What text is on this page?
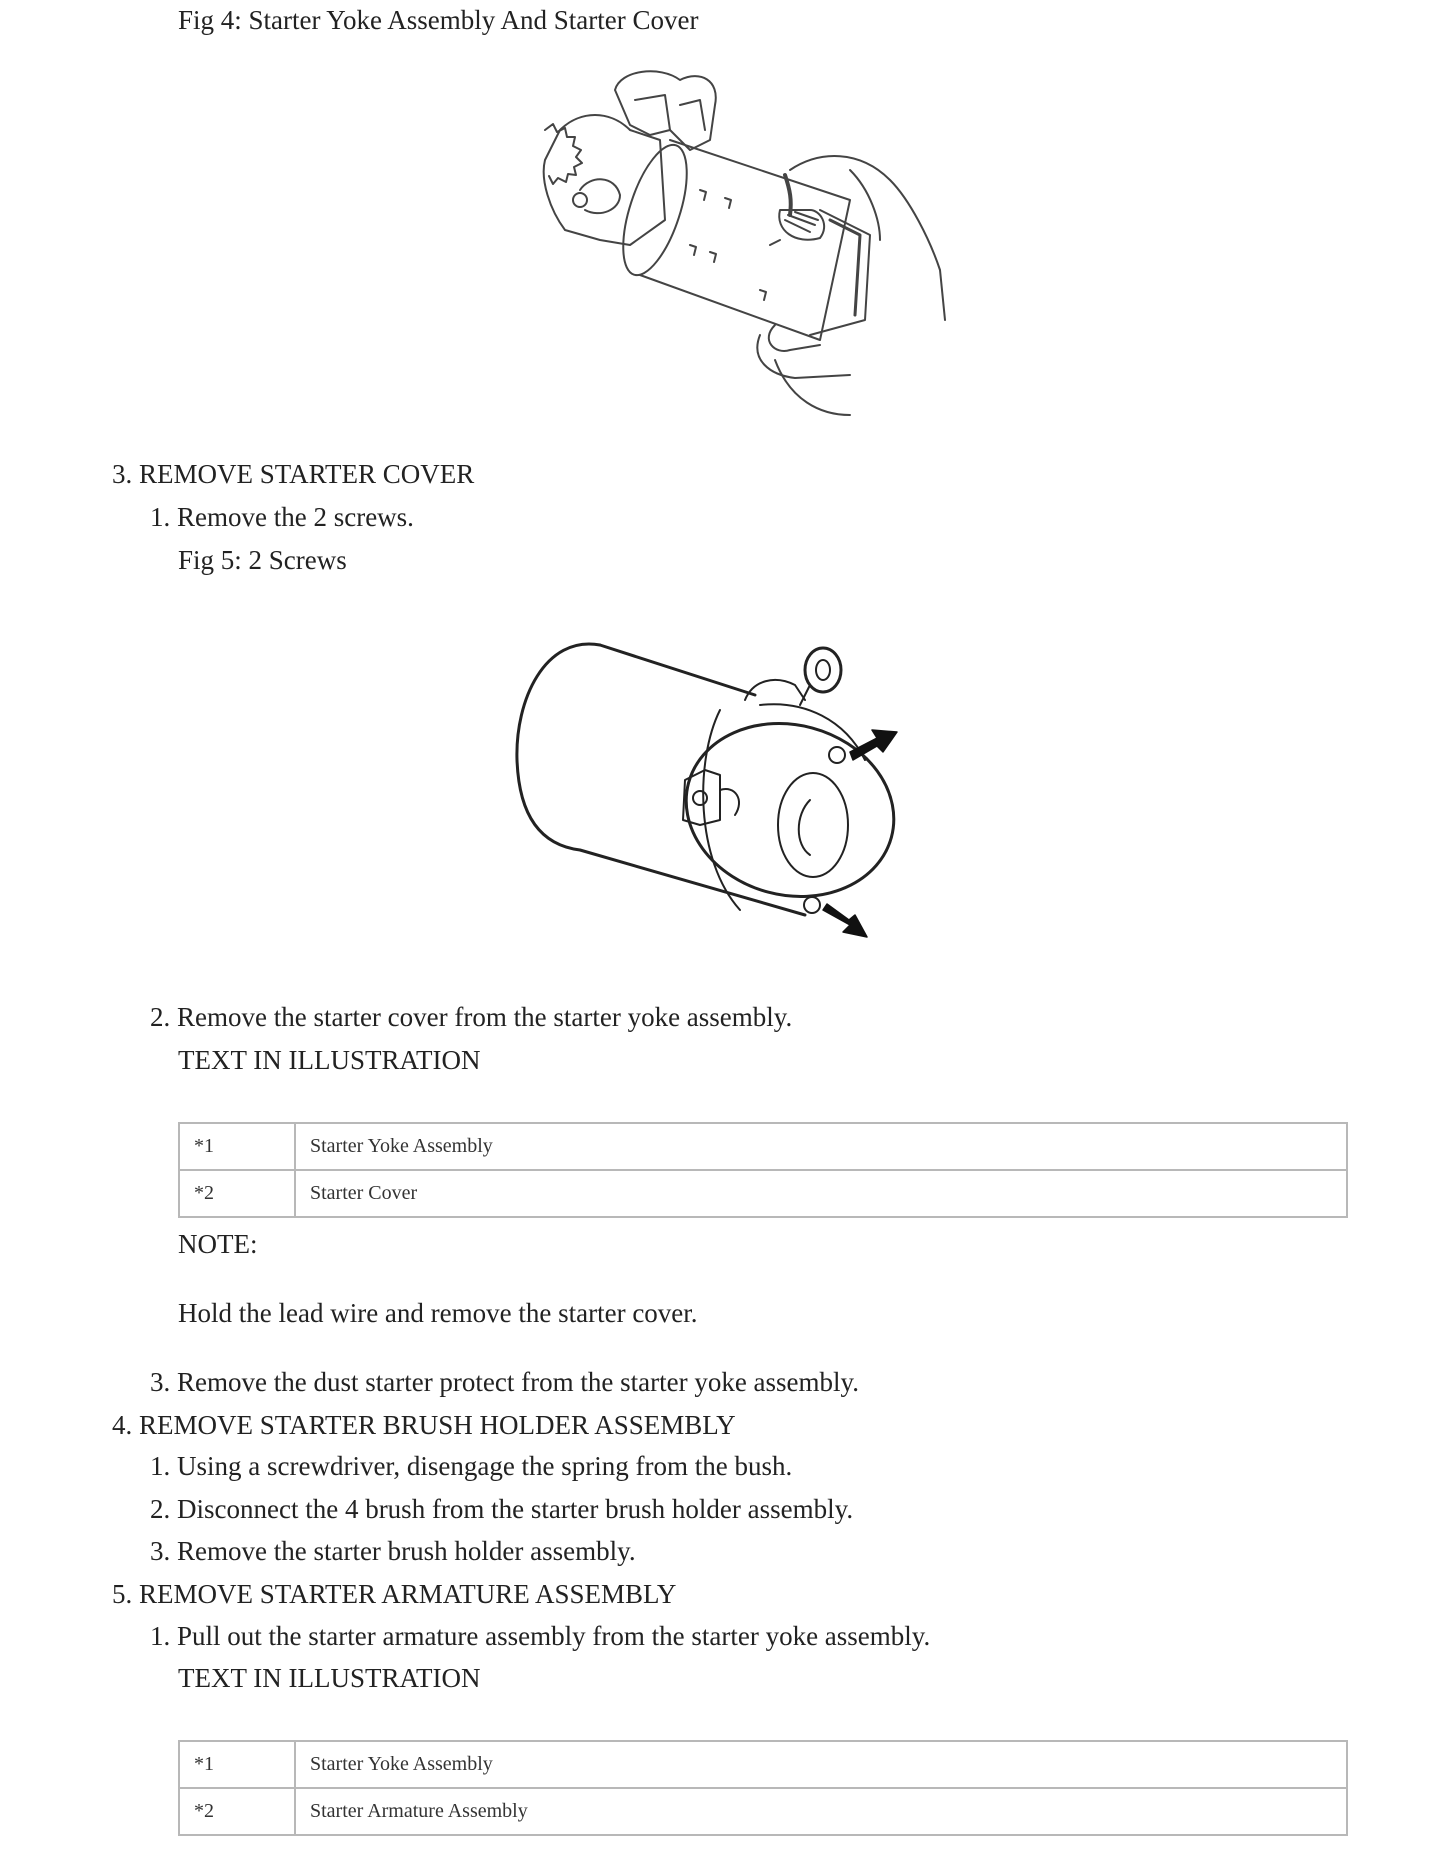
Fig 4: Starter Yoke Assembly And Starter Cover
3. REMOVE STARTER COVER
1. Remove the 2 screws.
Fig 5: 2 Screws
2. Remove the starter cover from the starter yoke assembly.
TEXT IN ILLUSTRATION
*1	Starter Yoke Assembly
*2	Starter Cover
NOTE:
Hold the lead wire and remove the starter cover.
3. Remove the dust starter protect from the starter yoke assembly.
4. REMOVE STARTER BRUSH HOLDER ASSEMBLY
1. Using a screwdriver, disengage the spring from the bush.
2. Disconnect the 4 brush from the starter brush holder assembly.
3. Remove the starter brush holder assembly.
5. REMOVE STARTER ARMATURE ASSEMBLY
1. Pull out the starter armature assembly from the starter yoke assembly.
TEXT IN ILLUSTRATION
*1	Starter Yoke Assembly
*2	Starter Armature Assembly
